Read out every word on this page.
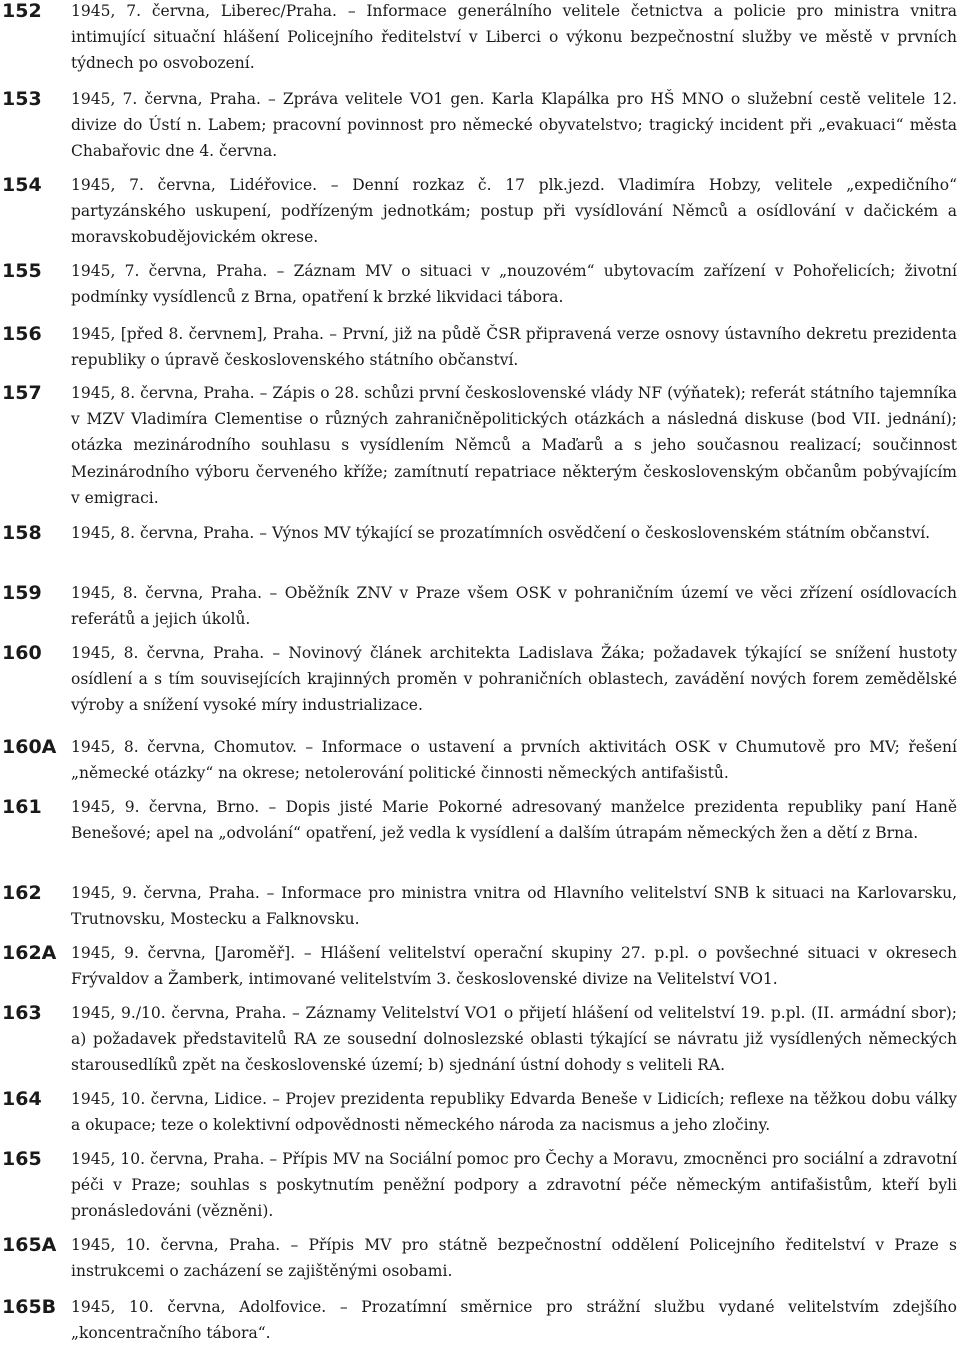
152 1945, 7. června, Liberec/Praha. – Informace generálního velitele četnictva a policie pro ministra vnitra intimující situační hlášení Policejního ředitelství v Liberci o výkonu bezpečnostní služby ve městě v prvních týdnech po osvobození.

153 1945, 7. června, Praha. – Zpráva velitele VO1 gen. Karla Klapálka pro HŠ MNO o služební cestě velitele 12. divize do Ústí n. Labem; pracovní povinnost pro německé obyvatelstvo; tragický incident při „evakuaci“ města Chabařovic dne 4. června.

154 1945, 7. června, Lidéřovice. – Denní rozkaz č. 17 plk.jezd. Vladimíra Hobzy, velitele „expedičního“ partyzánského uskupení, podřízeným jednotkám; postup při vysídlování Němců a osídlování v dačickém a moravskobudějovickém okrese.

155 1945, 7. června, Praha. – Záznam MV o situaci v „nouzovém“ ubytovacím zařízení v Pohořelicích; životní podmínky vysídlenců z Brna, opatření k brzké likvidaci tábora.

156 1945, [před 8. červnem], Praha. – První, již na půdě ČSR připravená verze osnovy ústavního dekretu prezidenta republiky o úpravě československého státního občanství.

157 1945, 8. června, Praha. – Zápis o 28. schůzi první československé vlády NF (výňatek); referát státního tajemníka v MZV Vladimíra Clementise o různých zahraničněpolitických otázkách a následná diskuse (bod VII. jednání); otázka mezinárodního souhlasu s vysídlením Němců a Maďarů a s jeho současnou realizací; součinnost Mezinárodního výboru červeného kříže; zamítnutí repatriace některým československým občanům pobývajícím v emigraci.

158 1945, 8. června, Praha. – Výnos MV týkající se prozatímních osvědčení o československém státním občanství.

159 1945, 8. června, Praha. – Oběžník ZNV v Praze všem OSK v pohraničním území ve věci zřízení osídlovacích referátů a jejich úkolů.

160 1945, 8. června, Praha. – Novinový článek architekta Ladislava Žáka; požadavek týkající se snížení hustoty osídlení a s tím souvisejících krajinných proměn v pohraničních oblastech, zavádění nových forem zemědělské výroby a snížení vysoké míry industrializace.

160A 1945, 8. června, Chomutov. – Informace o ustavení a prvních aktivitách OSK v Chumutově pro MV; řešení „německé otázky“ na okrese; netolerování politické činnosti německých antifašistů.

161 1945, 9. června, Brno. – Dopis jisté Marie Pokorné adresovaný manželce prezidenta republiky paní Haně Benešové; apel na „odvolání“ opatření, jež vedla k vysídlení a dalším útrapám německých žen a dětí z Brna.

162 1945, 9. června, Praha. – Informace pro ministra vnitra od Hlavního velitelství SNB k situaci na Karlovarsku, Trutnovsku, Mostecku a Falknovsku.

162A 1945, 9. června, [Jaroměř]. – Hlášení velitelství operační skupiny 27. p.pl. o povšechné situaci v okresech Frývaldov a Žamberk, intimované velitelstvím 3. československé divize na Velitelství VO1.

163 1945, 9./10. června, Praha. – Záznamy Velitelství VO1 o přijetí hlášení od velitelství 19. p.pl. (II. armádní sbor); a) požadavek představitelů RA ze sousední dolnoslezské oblasti týkající se návratu již vysídlených německých starousedlíků zpět na československé území; b) sjednání ústní dohody s veliteli RA.

164 1945, 10. června, Lidice. – Projev prezidenta republiky Edvarda Beneše v Lidicích; reflexe na těžkou dobu války a okupace; teze o kolektivní odpovědnosti německého národa za nacismus a jeho zločiny.

165 1945, 10. června, Praha. – Přípis MV na Sociální pomoc pro Čechy a Moravu, zmocněnci pro sociální a zdravotní péči v Praze; souhlas s poskytnutím peněžní podpory a zdravotní péče německým antifašistům, kteří byli pronásledováni (vězněni).

165A 1945, 10. června, Praha. – Přípis MV pro státně bezpečnostní oddělení Policejního ředitelství v Praze s instrukcemi o zacházení se zajištěnými osobami.

165B 1945, 10. června, Adolfovice. – Prozatímní směrnice pro strážní službu vydané velitelstvím zdejšího „koncentračního tábora“.
